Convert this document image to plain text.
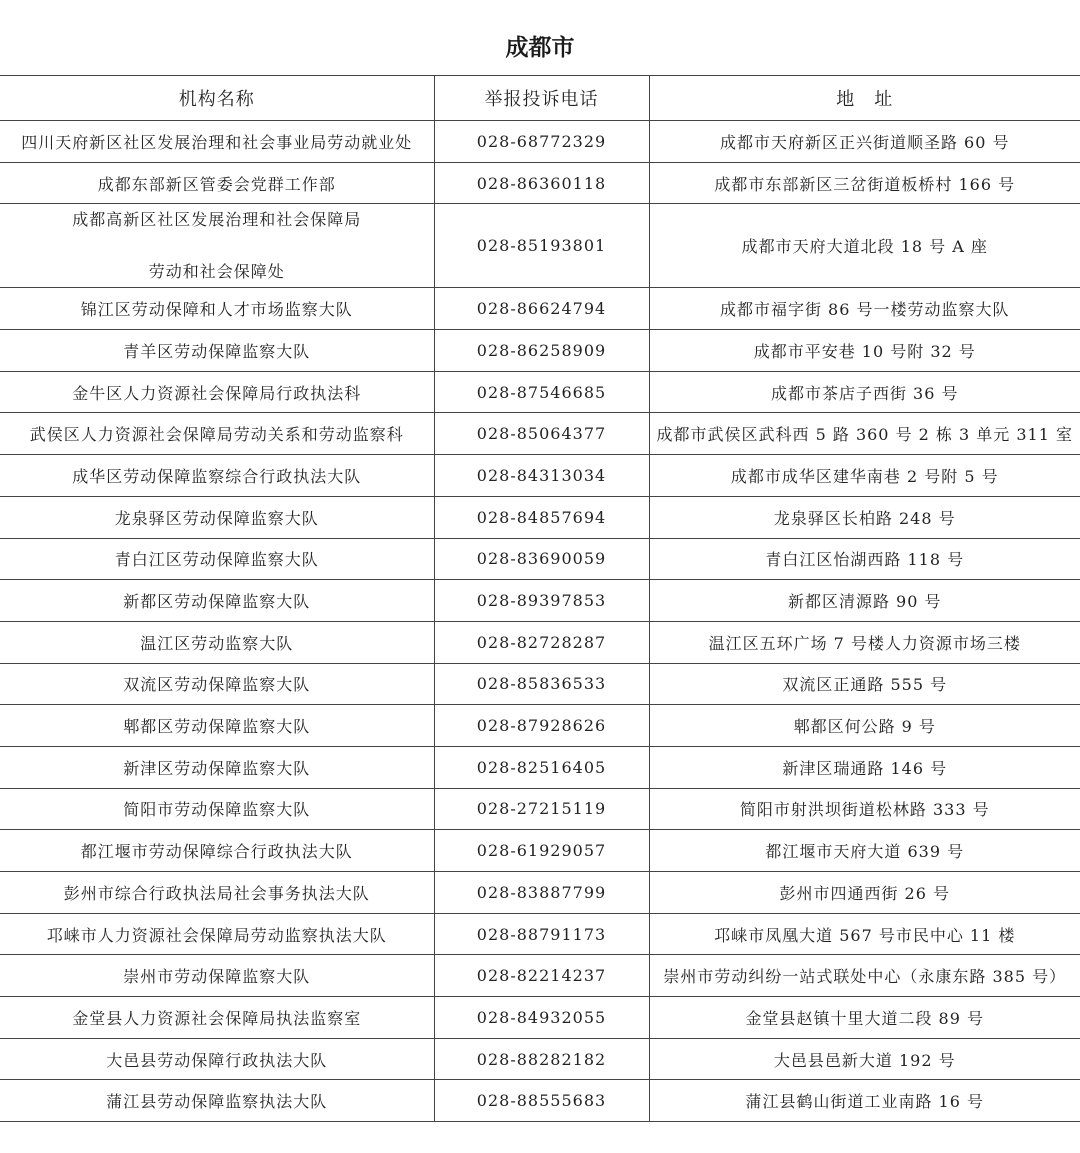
成都市
机构名称	举报投诉电话	地　址
四川天府新区社区发展治理和社会事业局劳动就业处	028-68772329	成都市天府新区正兴街道顺圣路 60 号
成都东部新区管委会党群工作部	028-86360118	成都市东部新区三岔街道板桥村 166 号

成都高新区社区发展治理和社会保障局
劳动和社会保障处	028-85193801	成都市天府大道北段 18 号 A 座
锦江区劳动保障和人才市场监察大队	028-86624794	成都市福字街 86 号一楼劳动监察大队
青羊区劳动保障监察大队	028-86258909	成都市平安巷 10 号附 32 号
金牛区人力资源社会保障局行政执法科	028-87546685	成都市茶店子西街 36 号
武侯区人力资源社会保障局劳动关系和劳动监察科	028-85064377	成都市武侯区武科西 5 路 360 号 2 栋 3 单元 311 室
成华区劳动保障监察综合行政执法大队	028-84313034	成都市成华区建华南巷 2 号附 5 号
龙泉驿区劳动保障监察大队	028-84857694	龙泉驿区长柏路 248 号
青白江区劳动保障监察大队	028-83690059	青白江区怡湖西路 118 号
新都区劳动保障监察大队	028-89397853	新都区清源路 90 号
温江区劳动监察大队	028-82728287	温江区五环广场 7 号楼人力资源市场三楼
双流区劳动保障监察大队	028-85836533	双流区正通路 555 号
郫都区劳动保障监察大队	028-87928626	郫都区何公路 9 号
新津区劳动保障监察大队	028-82516405	新津区瑞通路 146 号
简阳市劳动保障监察大队	028-27215119	简阳市射洪坝街道松林路 333 号
都江堰市劳动保障综合行政执法大队	028-61929057	都江堰市天府大道 639 号
彭州市综合行政执法局社会事务执法大队	028-83887799	彭州市四通西街 26 号
邛崃市人力资源社会保障局劳动监察执法大队	028-88791173	邛崃市凤凰大道 567 号市民中心 11 楼
崇州市劳动保障监察大队	028-82214237	崇州市劳动纠纷一站式联处中心（永康东路 385 号）
金堂县人力资源社会保障局执法监察室	028-84932055	金堂县赵镇十里大道二段 89 号
大邑县劳动保障行政执法大队	028-88282182	大邑县邑新大道 192 号
蒲江县劳动保障监察执法大队	028-88555683	蒲江县鹤山街道工业南路 16 号
